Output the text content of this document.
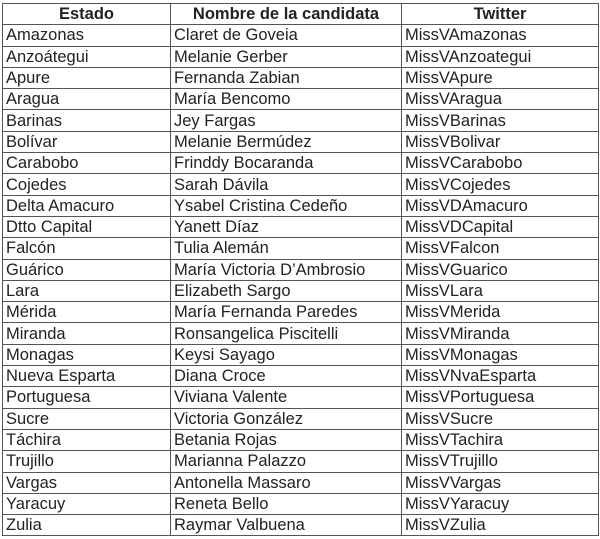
Estado	Nombre de la candidata	Twitter
Amazonas	Claret de Goveia	MissVAmazonas
Anzoátegui	Melanie Gerber	MissVAnzoategui
Apure	Fernanda Zabian	MissVApure
Aragua	María Bencomo	MissVAragua
Barinas	Jey Fargas	MissVBarinas
Bolívar	Melanie Bermúdez	MissVBolivar
Carabobo	Frinddy Bocaranda	MissVCarabobo
Cojedes	Sarah Dávila	MissVCojedes
Delta Amacuro	Ysabel Cristina Cedeño	MissVDAmacuro
Dtto Capital	Yanett Díaz	MissVDCapital
Falcón	Tulia Alemán	MissVFalcon
Guárico	María Victoria D’Ambrosio	MissVGuarico
Lara	Elizabeth Sargo	MissVLara
Mérida	María Fernanda Paredes	MissVMerida
Miranda	Ronsangelica Piscitelli	MissVMiranda
Monagas	Keysi Sayago	MissVMonagas
Nueva Esparta	Diana Croce	MissVNvaEsparta
Portuguesa	Viviana Valente	MissVPortuguesa
Sucre	Victoria González	MissVSucre
Táchira	Betania Rojas	MissVTachira
Trujillo	Marianna Palazzo	MissVTrujillo
Vargas	Antonella Massaro	MissVVargas
Yaracuy	Reneta Bello	MissVYaracuy
Zulia	Raymar Valbuena	MissVZulia
